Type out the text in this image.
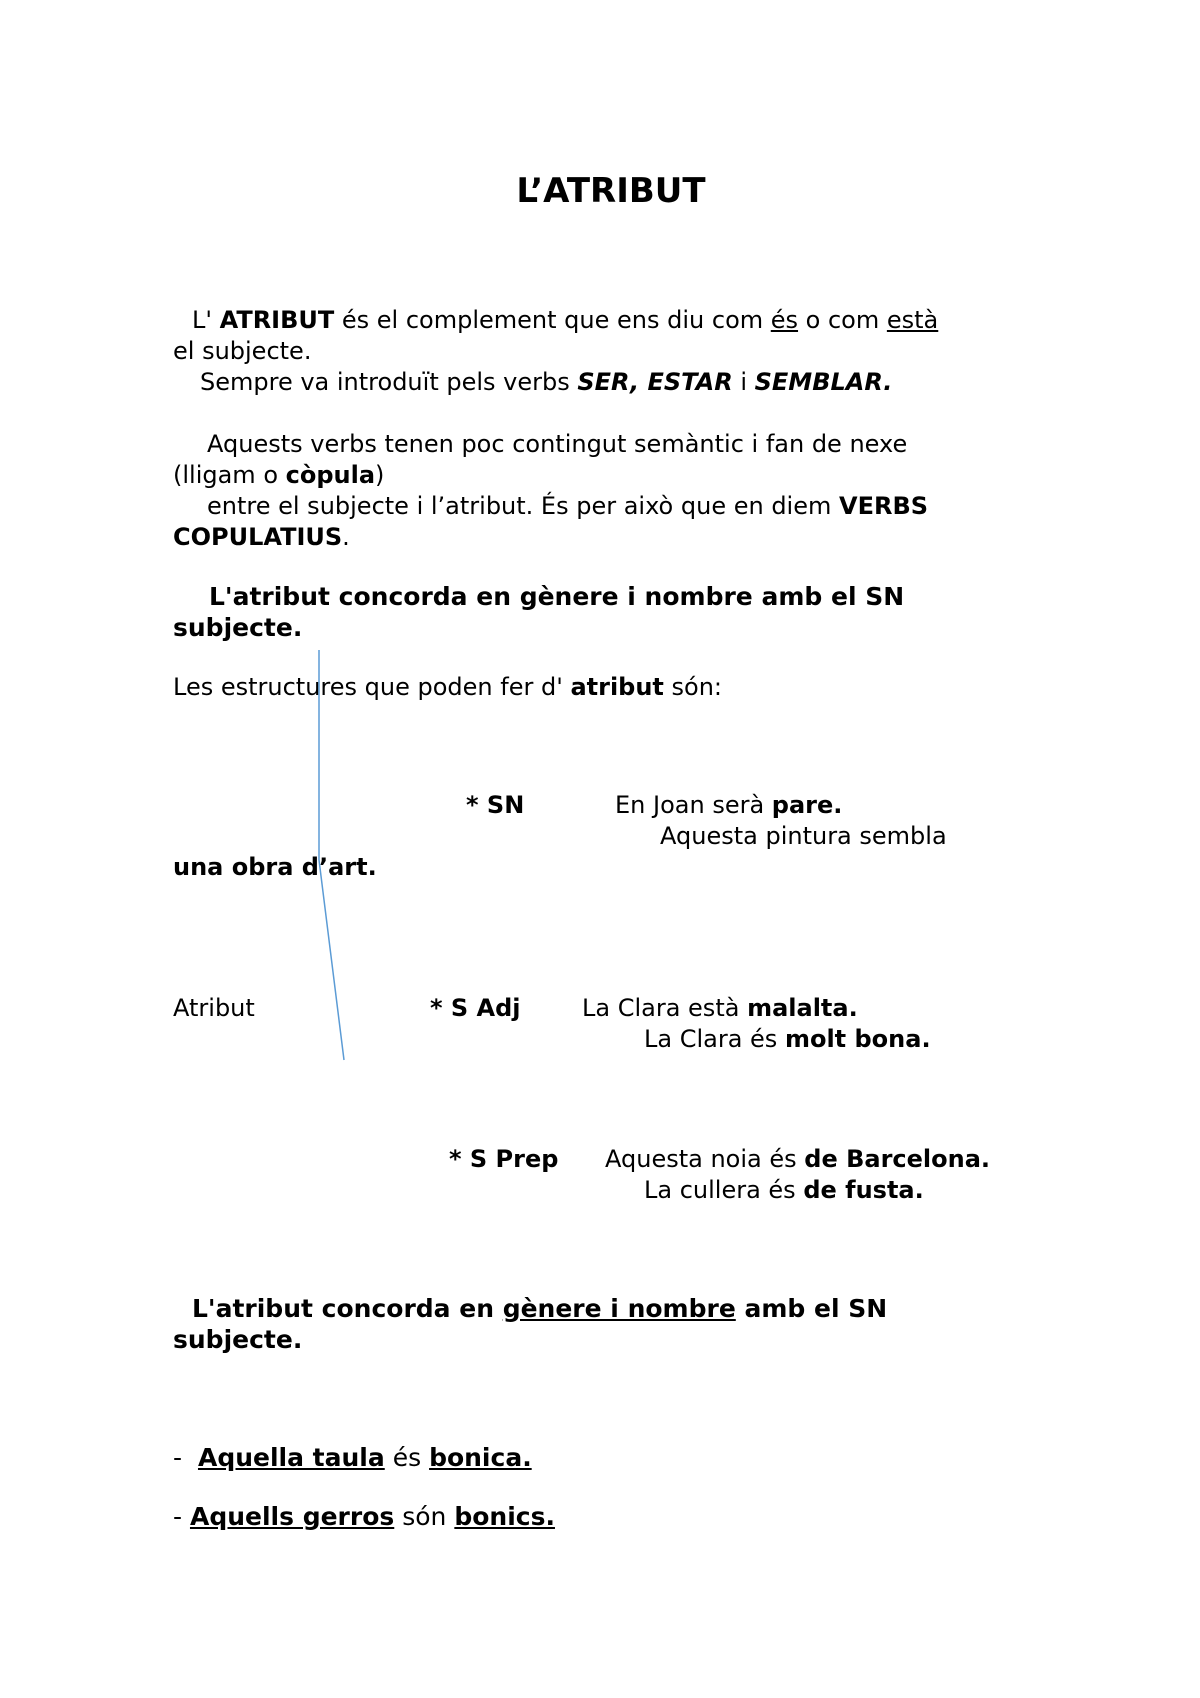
L’ATRIBUT
L' ATRIBUT és el complement que ens diu com és o com està
el subjecte.
Sempre va introduït pels verbs SER, ESTAR i SEMBLAR.
Aquests verbs tenen poc contingut semàntic i fan de nexe
(lligam o còpula)
entre el subjecte i l’atribut. És per això que en diem VERBS
COPULATIUS.
L'atribut concorda en gènere i nombre amb el SN
subjecte.
Les estructures que poden fer d' atribut són:
* SN	En Joan serà pare.
Aquesta pintura sembla
una obra d’art.
Atribut	* S Adj	La Clara està malalta.
La Clara és molt bona.
* S Prep Aquesta noia és de Barcelona.
La cullera és de fusta.
L'atribut concorda en gènere i nombre amb el SN
subjecte.
- Aquella taula és bonica.
- Aquells gerros són bonics.
